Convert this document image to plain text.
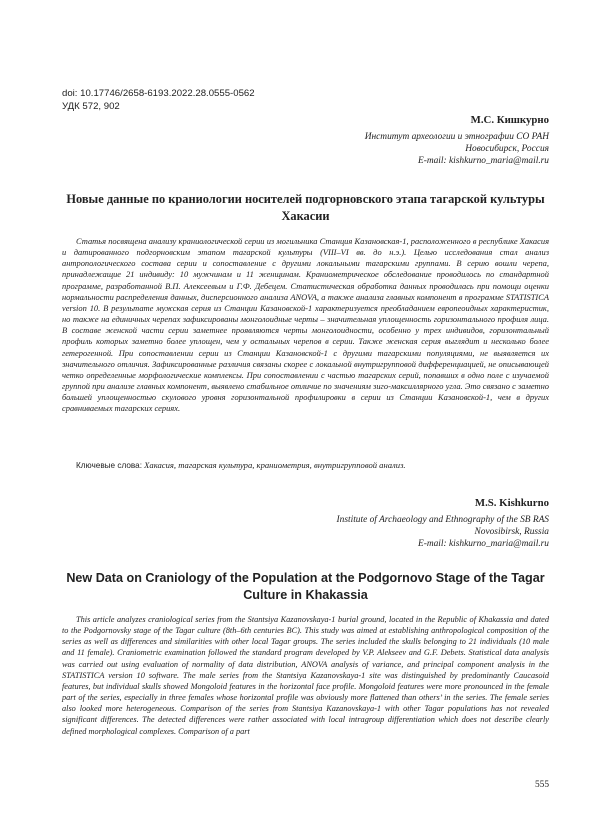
doi: 10.17746/2658-6193.2022.28.0555-0562
УДК 572, 902
М.С. Кишкурно
Институт археологии и этнографии СО РАН
Новосибирск, Россия
E-mail: kishkurno_maria@mail.ru
Новые данные по краниологии носителей подгорновского этапа тагарской культуры Хакасии

Статья посвящена анализу краниологической серии из могильника Станция Казановская-1, расположенного в республике Хакасия и датированного подгорновским этапом тагарской культуры (VIII–VI вв. до н.э.). Целью исследования стал анализ антропологического состава серии и сопоставление с другими локальными тагарскими группами. В серию вошли черепа, принадлежащие 21 индивиду: 10 мужчинам и 11 женщинам. Краниометрическое обследование проводилось по стандартной программе, разработанной В.П. Алексеевым и Г.Ф. Дебецем. Статистическая обработка данных проводилась при помощи оценки нормальности распределения данных, дисперсионного анализа ANOVA, а также анализа главных компонент в программе STATISTICA version 10. В результате мужская серия из Станции Казановской-1 характеризуется преобладанием европеоидных характеристик, но также на единичных черепах зафиксированы монголоидные черты – значительная уплощенность горизонтального профиля лица. В составе женской части серии заметнее проявляются черты монголоидности, особенно у трех индивидов, горизонтальный профиль которых заметно более уплощен, чем у остальных черепов в серии. Также женская серия выглядит и несколько более гетерогенной. При сопоставлении серии из Станции Казановской-1 с другими тагарскими популяциями, не выявляется их значительного отличия. Зафиксированные различия связаны скорее с локальной внутригрупповой дифференциацией, не описывающей четко определенные морфологические комплексы. При сопоставлении с частью тагарских серий, попавших в одно поле с изучаемой группой при анализе главных компонент, выявлено стабильное отличие по значениям зиго-максиллярного угла. Это связано с заметно большей уплощенностью скулового уровня горизонтальной профилировки в серии из Станции Казановской-1, чем в других сравниваемых тагарских сериях.

Ключевые слова: Хакасия, тагарская культура, краниометрия, внутригрупповой анализ.
M.S. Kishkurno
Institute of Archaeology and Ethnography of the SB RAS
Novosibirsk, Russia
E-mail: kishkurno_maria@mail.ru
New Data on Craniology of the Population at the Podgornovo Stage of the Tagar Culture in Khakassia

This article analyzes craniological series from the Stantsiya Kazanovskaya-1 burial ground, located in the Republic of Khakassia and dated to the Podgornovsky stage of the Tagar culture (8th–6th centuries BC). This study was aimed at establishing anthropological composition of the series as well as differences and similarities with other local Tagar groups. The series included the skulls belonging to 21 individuals (10 male and 11 female). Craniometric examination followed the standard program developed by V.P. Alekseev and G.F. Debets. Statistical data analysis was carried out using evaluation of normality of data distribution, ANOVA analysis of variance, and principal component analysis in the STATISTICA version 10 software. The male series from the Stantsiya Kazanovskaya-1 site was distinguished by predominantly Caucasoid features, but individual skulls showed Mongoloid features in the horizontal face profile. Mongoloid features were more pronounced in the female part of the series, especially in three females whose horizontal profile was obviously more flattened than others’ in the series. The female series also looked more heterogeneous. Comparison of the series from Stantsiya Kazanovskaya-1 with other Tagar populations has not revealed significant differences. The detected differences were rather associated with local intragroup differentiation which does not describe clearly defined morphological complexes. Comparison of a part

555
